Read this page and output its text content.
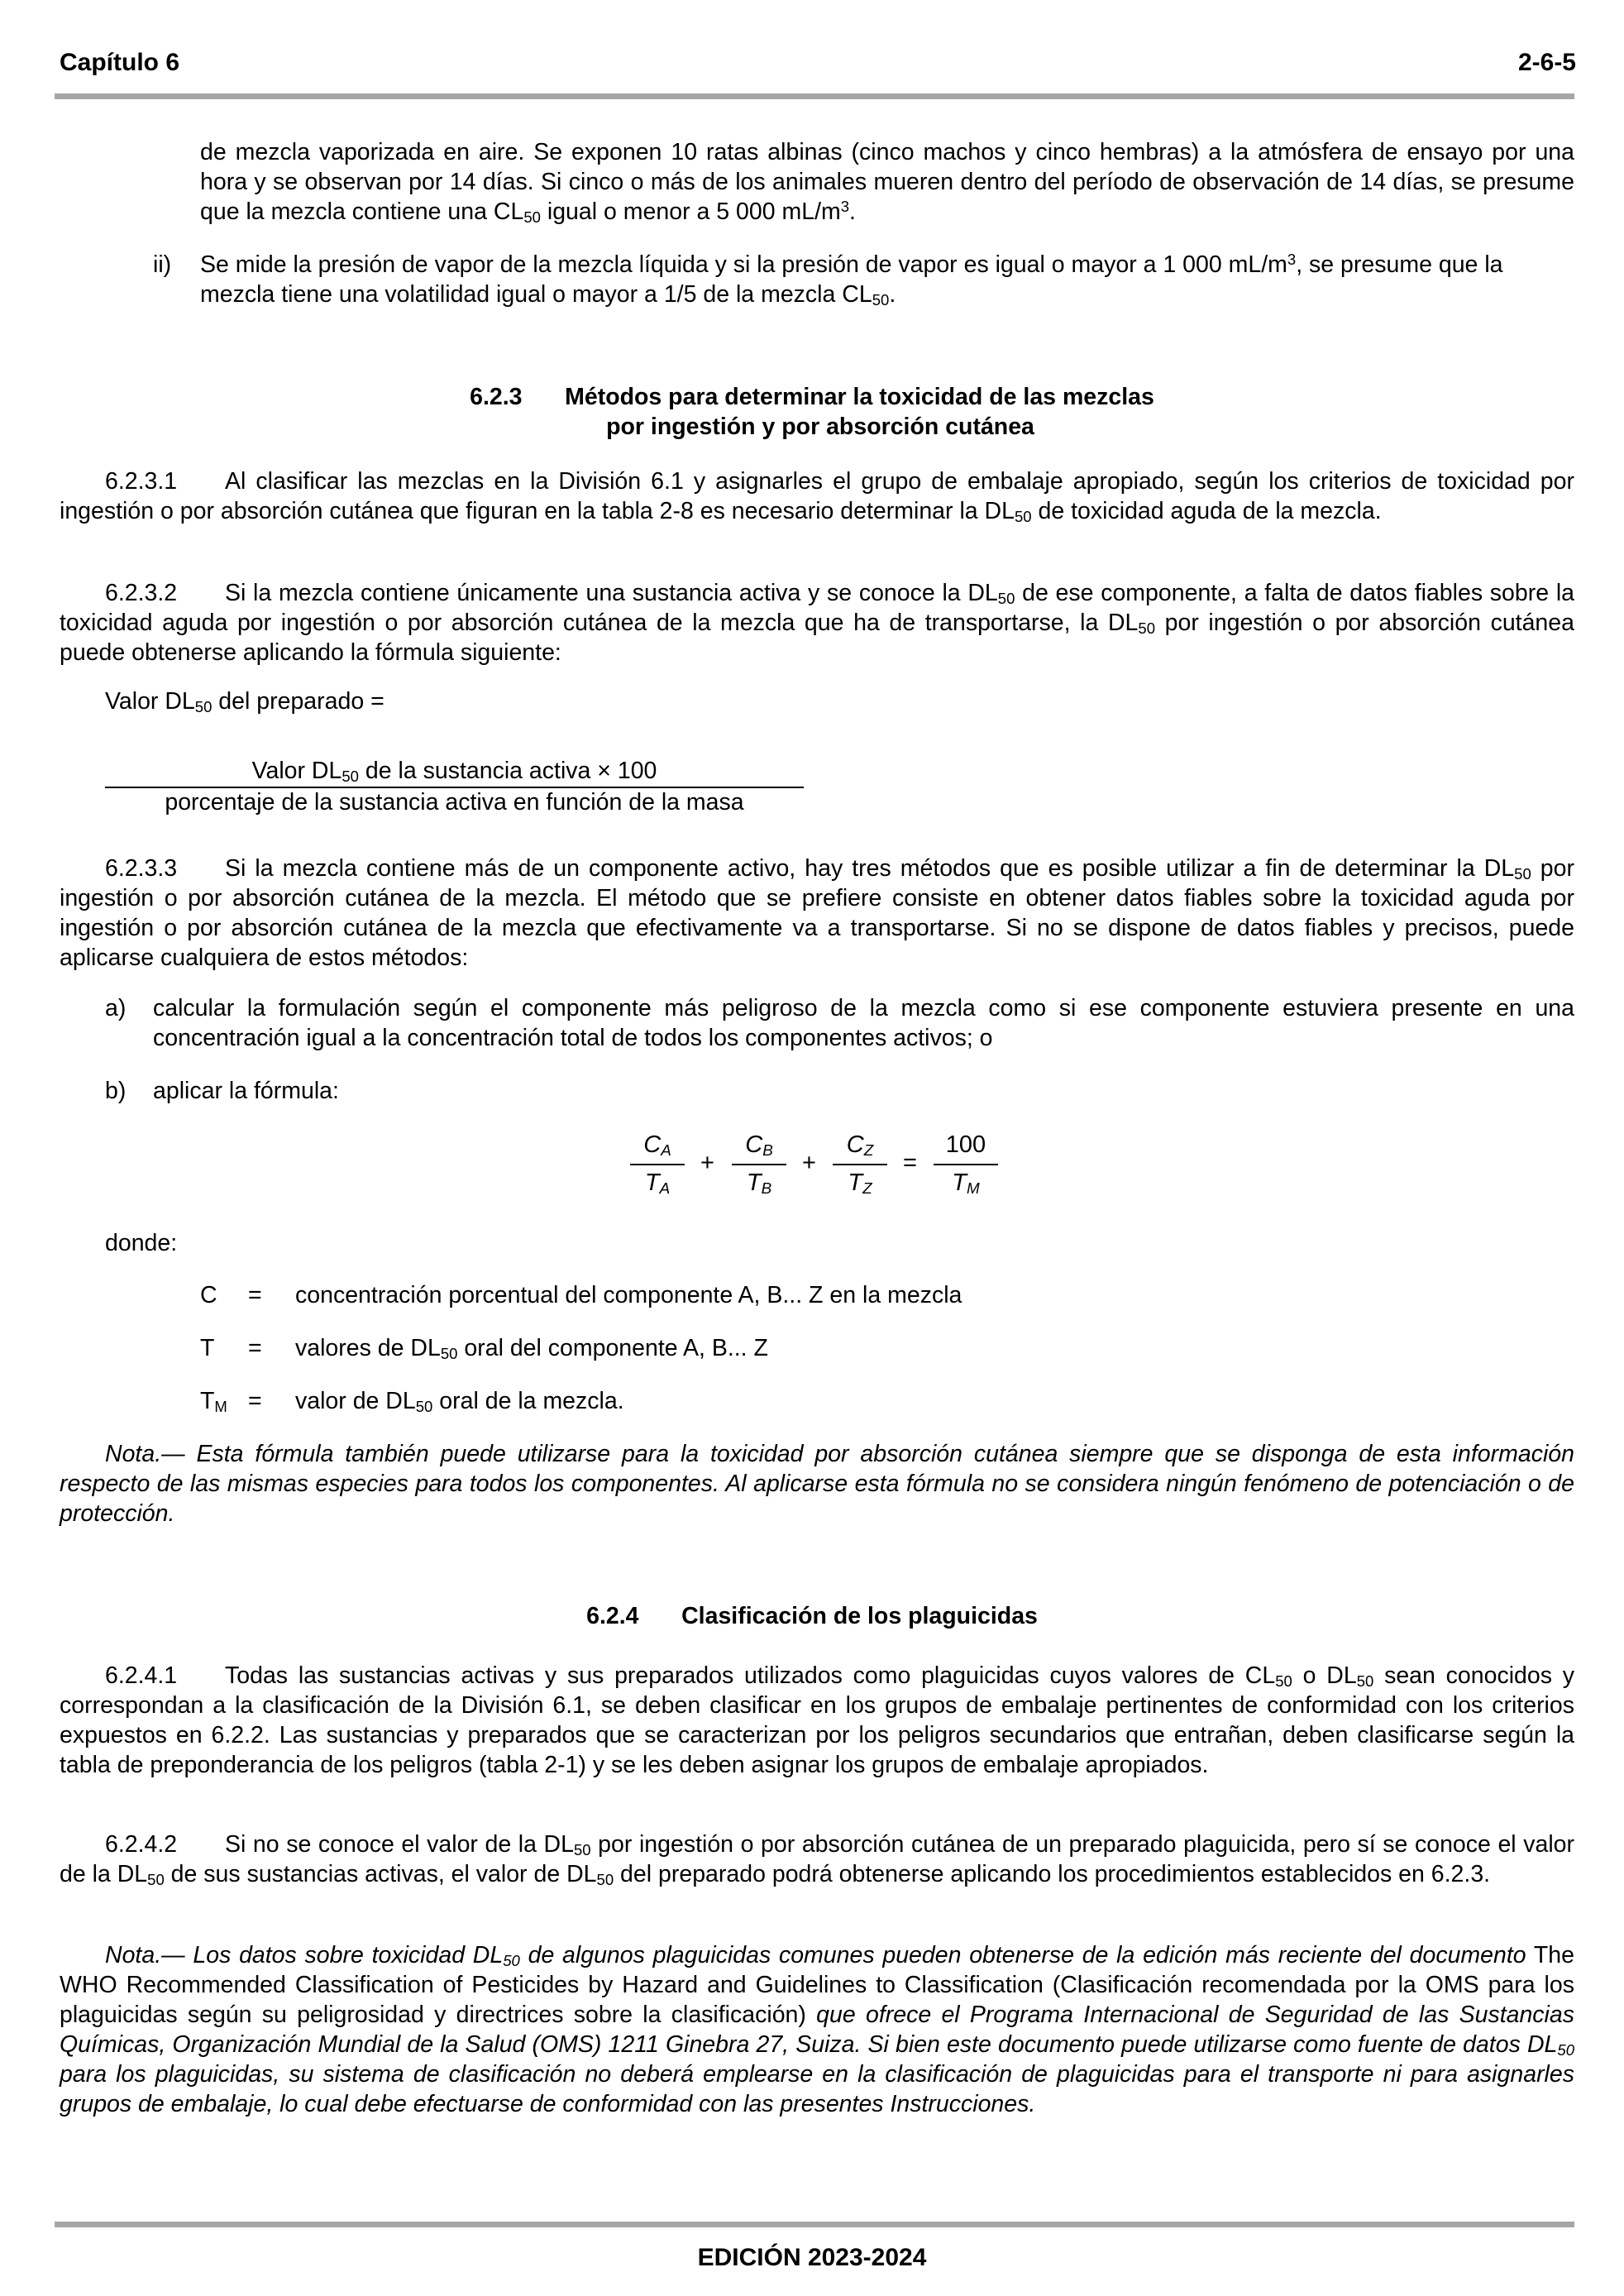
Capítulo 6	2-6-5
de mezcla vaporizada en aire. Se exponen 10 ratas albinas (cinco machos y cinco hembras) a la atmósfera de ensayo por una hora y se observan por 14 días. Si cinco o más de los animales mueren dentro del período de observación de 14 días, se presume que la mezcla contiene una $CL_{50}$ igual o menor a 5 000 $mL/m^3$.
ii) Se mide la presión de vapor de la mezcla líquida y si la presión de vapor es igual o mayor a 1 000 $mL/m^3$, se presume que la mezcla tiene una volatilidad igual o mayor a 1/5 de la mezcla $CL_{50}$.
6.2.3 Métodos para determinar la toxicidad de las mezclas
por ingestión y por absorción cutánea
6.2.3.1 Al clasificar las mezclas en la División 6.1 y asignarles el grupo de embalaje apropiado, según los criterios de toxicidad por ingestión o por absorción cutánea que figuran en la tabla 2-8 es necesario determinar la $DL_{50}$ de toxicidad aguda de la mezcla.
6.2.3.2 Si la mezcla contiene únicamente una sustancia activa y se conoce la $DL_{50}$ de ese componente, a falta de datos fiables sobre la toxicidad aguda por ingestión o por absorción cutánea de la mezcla que ha de transportarse, la $DL_{50}$ por ingestión o por absorción cutánea puede obtenerse aplicando la fórmula siguiente:
Valor $DL_{50}$ del preparado =
Valor $DL_{50}$ de la sustancia activa × 100
porcentaje de la sustancia activa en función de la masa
6.2.3.3 Si la mezcla contiene más de un componente activo, hay tres métodos que es posible utilizar a fin de determinar la $DL_{50}$ por ingestión o por absorción cutánea de la mezcla. El método que se prefiere consiste en obtener datos fiables sobre la toxicidad aguda por ingestión o por absorción cutánea de la mezcla que efectivamente va a transportarse. Si no se dispone de datos fiables y precisos, puede aplicarse cualquiera de estos métodos:
a) calcular la formulación según el componente más peligroso de la mezcla como si ese componente estuviera presente en una concentración igual a la concentración total de todos los componentes activos; o
b) aplicar la fórmula:
$C_A$
$T_A$
+
$C_B$
$T_B$
+
$C_Z$
$T_Z$
=
100
$T_M$
donde:
C = concentración porcentual del componente A, B... Z en la mezcla
T = valores de $DL_{50}$ oral del componente A, B... Z
$T_M$ = valor de $DL_{50}$ oral de la mezcla.
Nota.— Esta fórmula también puede utilizarse para la toxicidad por absorción cutánea siempre que se disponga de esta información respecto de las mismas especies para todos los componentes. Al aplicarse esta fórmula no se considera ningún fenómeno de potenciación o de protección.
6.2.4 Clasificación de los plaguicidas
6.2.4.1 Todas las sustancias activas y sus preparados utilizados como plaguicidas cuyos valores de $CL_{50}$ o $DL_{50}$ sean conocidos y correspondan a la clasificación de la División 6.1, se deben clasificar en los grupos de embalaje pertinentes de conformidad con los criterios expuestos en 6.2.2. Las sustancias y preparados que se caracterizan por los peligros secundarios que entrañan, deben clasificarse según la tabla de preponderancia de los peligros (tabla 2-1) y se les deben asignar los grupos de embalaje apropiados.
6.2.4.2 Si no se conoce el valor de la $DL_{50}$ por ingestión o por absorción cutánea de un preparado plaguicida, pero sí se conoce el valor de la $DL_{50}$ de sus sustancias activas, el valor de $DL_{50}$ del preparado podrá obtenerse aplicando los procedimientos establecidos en 6.2.3.
Nota.— Los datos sobre toxicidad $DL_{50}$ de algunos plaguicidas comunes pueden obtenerse de la edición más reciente del documento The WHO Recommended Classification of Pesticides by Hazard and Guidelines to Classification (Clasificación recomendada por la OMS para los plaguicidas según su peligrosidad y directrices sobre la clasificación) que ofrece el Programa Internacional de Seguridad de las Sustancias Químicas, Organización Mundial de la Salud (OMS) 1211 Ginebra 27, Suiza. Si bien este documento puede utilizarse como fuente de datos $DL_{50}$ para los plaguicidas, su sistema de clasificación no deberá emplearse en la clasificación de plaguicidas para el transporte ni para asignarles grupos de embalaje, lo cual debe efectuarse de conformidad con las presentes Instrucciones.
EDICIÓN 2023-2024
